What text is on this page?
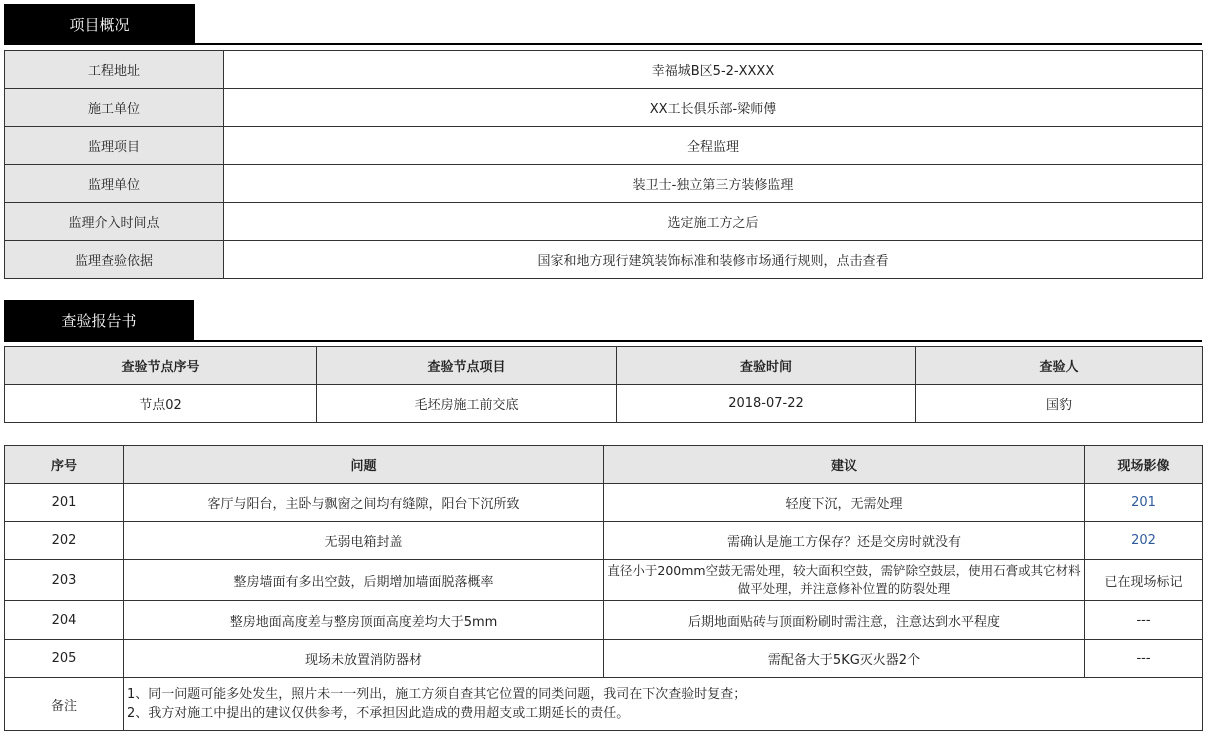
项目概况
工程地址	幸福城B区5-2-XXXX
施工单位	XX工长俱乐部-梁师傅
监理项目	全程监理
监理单位	装卫士-独立第三方装修监理
监理介入时间点	选定施工方之后
监理查验依据	国家和地方现行建筑装饰标准和装修市场通行规则，点击查看
查验报告书
查验节点序号	查验节点项目	查验时间	查验人
节点02	毛坯房施工前交底	2018-07-22	国豹
序号	问题	建议	现场影像
201	客厅与阳台，主卧与飘窗之间均有缝隙，阳台下沉所致	轻度下沉，无需处理	201
202	无弱电箱封盖	需确认是施工方保存？还是交房时就没有	202
203	整房墙面有多出空鼓，后期增加墙面脱落概率	直径小于200mm空鼓无需处理，较大面积空鼓，需铲除空鼓层，使用石膏或其它材料做平处理，并注意修补位置的防裂处理	已在现场标记
204	整房地面高度差与整房顶面高度差均大于5mm	后期地面贴砖与顶面粉刷时需注意，注意达到水平程度	---
205	现场未放置消防器材	需配备大于5KG灭火器2个	---
备注	1、同一问题可能多处发生，照片未一一列出，施工方须自查其它位置的同类问题，我司在下次查验时复查；
2、我方对施工中提出的建议仅供参考，不承担因此造成的费用超支或工期延长的责任。		
